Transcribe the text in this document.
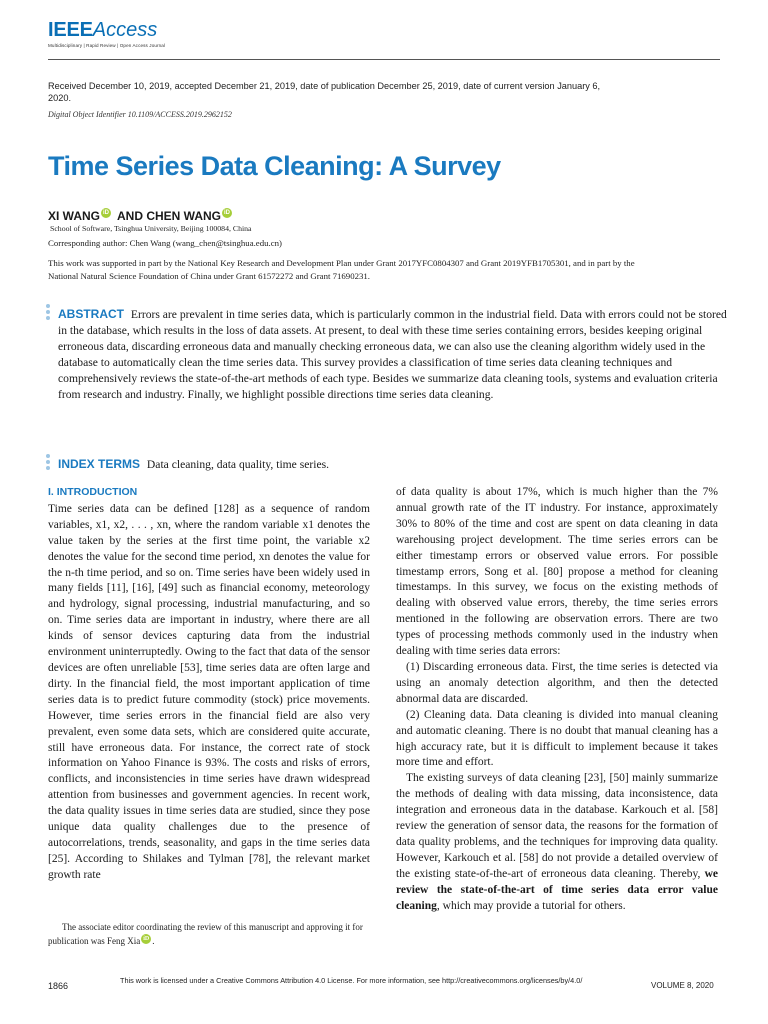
IEEEAccess
Multidisciplinary | Rapid Review | Open Access Journal
Received December 10, 2019, accepted December 21, 2019, date of publication December 25, 2019, date of current version January 6, 2020.
Digital Object Identifier 10.1109/ACCESS.2019.2962152
Time Series Data Cleaning: A Survey
XI WANG iD AND CHEN WANG iD
School of Software, Tsinghua University, Beijing 100084, China
Corresponding author: Chen Wang (wang_chen@tsinghua.edu.cn)
This work was supported in part by the National Key Research and Development Plan under Grant 2017YFC0804307 and Grant 2019YFB1705301, and in part by the National Natural Science Foundation of China under Grant 61572272 and Grant 71690231.
ABSTRACT Errors are prevalent in time series data, which is particularly common in the industrial field. Data with errors could not be stored in the database, which results in the loss of data assets. At present, to deal with these time series containing errors, besides keeping original erroneous data, discarding erroneous data and manually checking erroneous data, we can also use the cleaning algorithm widely used in the database to automatically clean the time series data. This survey provides a classification of time series data cleaning techniques and comprehensively reviews the state-of-the-art methods of each type. Besides we summarize data cleaning tools, systems and evaluation criteria from research and industry. Finally, we highlight possible directions time series data cleaning.
INDEX TERMS Data cleaning, data quality, time series.
I. INTRODUCTION

Time series data can be defined [128] as a sequence of random variables, x1, x2, . . . , xn, where the random variable x1 denotes the value taken by the series at the first time point, the variable x2 denotes the value for the second time period, xn denotes the value for the n-th time period, and so on. Time series have been widely used in many fields [11], [16], [49] such as financial economy, meteorology and hydrology, signal processing, industrial manufacturing, and so on. Time series data are important in industry, where there are all kinds of sensor devices capturing data from the industrial environment uninterruptedly. Owing to the fact that data of the sensor devices are often unreliable [53], time series data are often large and dirty. In the financial field, the most important application of time series data is to predict future commodity (stock) price movements. However, time series errors in the financial field are also very prevalent, even some data sets, which are considered quite accurate, still have erroneous data. For instance, the correct rate of stock information on Yahoo Finance is 93%. The costs and risks of errors, conflicts, and inconsistencies in time series have drawn widespread attention from businesses and government agencies. In recent work, the data quality issues in time series data are studied, since they pose unique data quality challenges due to the presence of autocorrelations, trends, seasonality, and gaps in the time series data [25]. According to Shilakes and Tylman [78], the relevant market growth rate

The associate editor coordinating the review of this manuscript and approving it for publication was Feng Xia iD .

of data quality is about 17%, which is much higher than the 7% annual growth rate of the IT industry. For instance, approximately 30% to 80% of the time and cost are spent on data cleaning in data warehousing project development. The time series errors can be either timestamp errors or observed value errors. For possible timestamp errors, Song et al. [80] propose a method for cleaning timestamps. In this survey, we focus on the existing methods of dealing with observed value errors, thereby, the time series errors mentioned in the following are observation errors. There are two types of processing methods commonly used in the industry when dealing with time series data errors:

(1) Discarding erroneous data. First, the time series is detected via using an anomaly detection algorithm, and then the detected abnormal data are discarded.

(2) Cleaning data. Data cleaning is divided into manual cleaning and automatic cleaning. There is no doubt that manual cleaning has a high accuracy rate, but it is difficult to implement because it takes more time and effort.

The existing surveys of data cleaning [23], [50] mainly summarize the methods of dealing with data missing, data inconsistence, data integration and erroneous data in the database. Karkouch et al. [58] review the generation of sensor data, the reasons for the formation of data quality problems, and the techniques for improving data quality. However, Karkouch et al. [58] do not provide a detailed overview of the existing state-of-the-art of erroneous data cleaning. Thereby, we review the state-of-the-art of time series data error value cleaning, which may provide a tutorial for others.

1866
This work is licensed under a Creative Commons Attribution 4.0 License. For more information, see http://creativecommons.org/licenses/by/4.0/
VOLUME 8, 2020
